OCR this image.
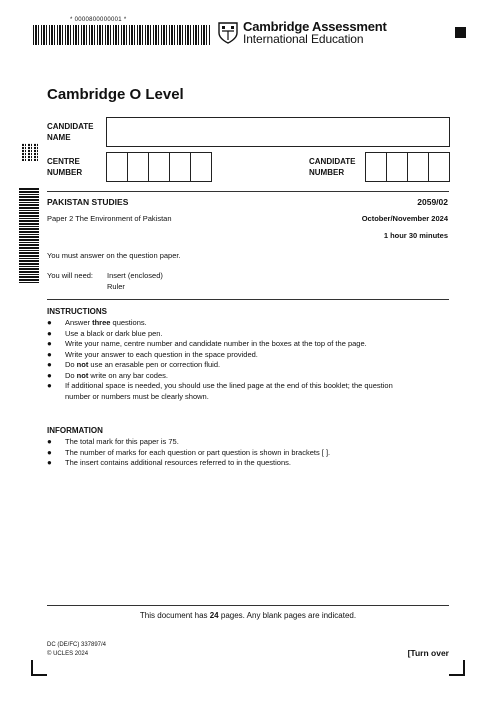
* 0000800000001 *	Cambridge Assessment
International Education
Cambridge O Level
CANDIDATE NAME
CENTRE NUMBER
CANDIDATE NUMBER
PAKISTAN STUDIES	2059/02
Paper 2 The Environment of Pakistan	October/November 2024
1 hour 30 minutes
You must answer on the question paper.
You will need: Insert (enclosed)
Ruler
INSTRUCTIONS
● Answer three questions.
● Use a black or dark blue pen.
● Write your name, centre number and candidate number in the boxes at the top of the page.
● Write your answer to each question in the space provided.
● Do not use an erasable pen or correction fluid.
● Do not write on any bar codes.
● If additional space is needed, you should use the lined page at the end of this booklet; the question number or numbers must be clearly shown.
INFORMATION
● The total mark for this paper is 75.
● The number of marks for each question or part question is shown in brackets [ ].
● The insert contains additional resources referred to in the questions.
This document has 24 pages. Any blank pages are indicated.
DC (DE/FC) 337897/4
© UCLES 2024	[Turn over
